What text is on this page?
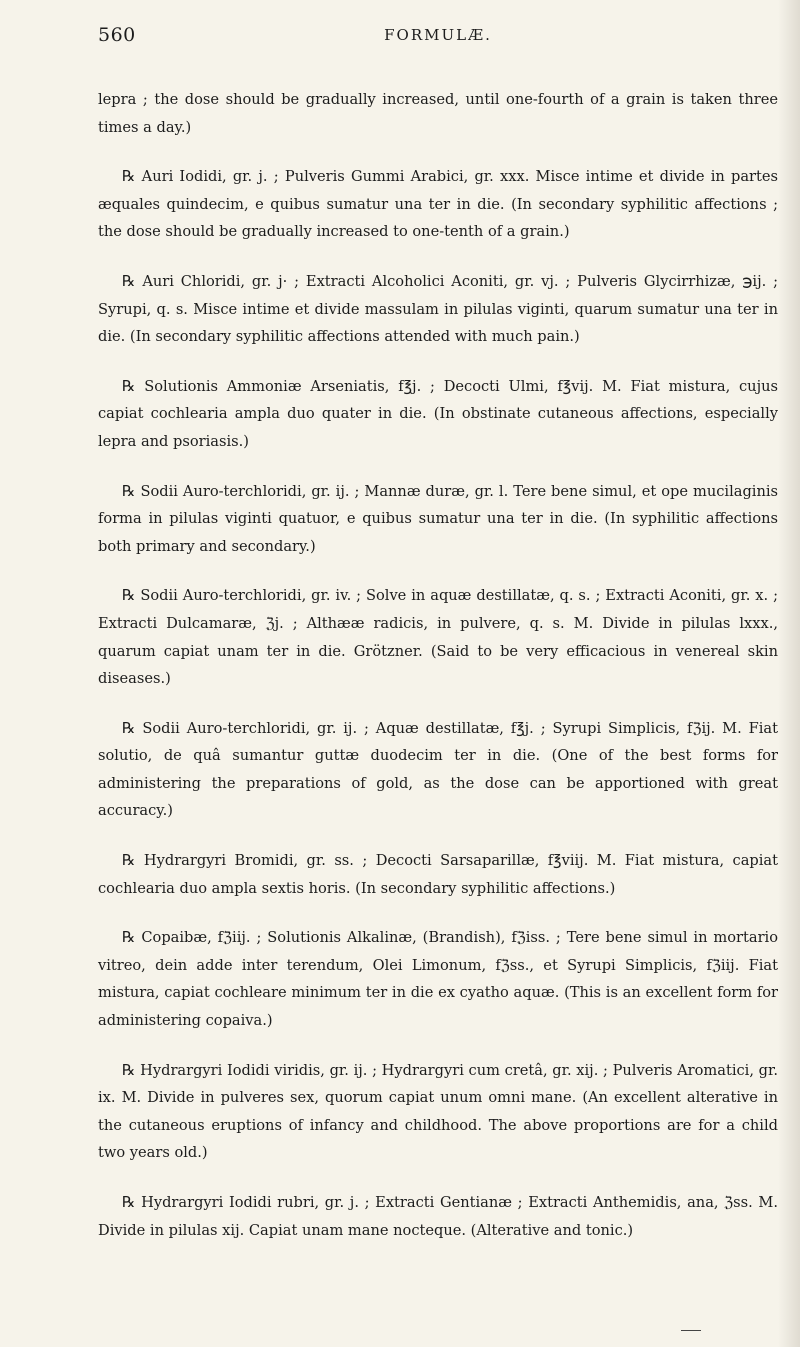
560	FORMULÆ.

lepra ; the dose should be gradually increased, until one-fourth of a grain is taken three times a day.)

℞ Auri Iodidi, gr. j. ; Pulveris Gummi Arabici, gr. xxx. Misce intime et divide in partes æquales quindecim, e quibus sumatur una ter in die. (In secondary syphilitic affections ; the dose should be gradually increased to one-tenth of a grain.)

℞ Auri Chloridi, gr. j· ; Extracti Alcoholici Aconiti, gr. vj. ; Pulveris Glycirrhizæ, ℈ij. ; Syrupi, q. s. Misce intime et divide massulam in pilulas viginti, quarum sumatur una ter in die. (In secondary syphilitic affections attended with much pain.)

℞ Solutionis Ammoniæ Arseniatis, f℥j. ; Decocti Ulmi, f℥vij. M. Fiat mistura, cujus capiat cochlearia ampla duo quater in die. (In obstinate cutaneous affections, especially lepra and psoriasis.)

℞ Sodii Auro-terchloridi, gr. ij. ; Mannæ duræ, gr. l. Tere bene simul, et ope mucilaginis forma in pilulas viginti quatuor, e quibus sumatur una ter in die. (In syphilitic affections both primary and secondary.)

℞ Sodii Auro-terchloridi, gr. iv. ; Solve in aquæ destillatæ, q. s. ; Extracti Aconiti, gr. x. ; Extracti Dulcamaræ, ℨj. ; Althææ radicis, in pulvere, q. s. M. Divide in pilulas lxxx., quarum capiat unam ter in die. Grötzner. (Said to be very efficacious in venereal skin diseases.)

℞ Sodii Auro-terchloridi, gr. ij. ; Aquæ destillatæ, f℥j. ; Syrupi Simplicis, fℨij. M. Fiat solutio, de quâ sumantur guttæ duodecim ter in die. (One of the best forms for administering the preparations of gold, as the dose can be apportioned with great accuracy.)

℞ Hydrargyri Bromidi, gr. ss. ; Decocti Sarsaparillæ, f℥viij. M. Fiat mistura, capiat cochlearia duo ampla sextis horis. (In secondary syphilitic affections.)

℞ Copaibæ, fℨiij. ; Solutionis Alkalinæ, (Brandish), fℨiss. ; Tere bene simul in mortario vitreo, dein adde inter terendum, Olei Limonum, fℨss., et Syrupi Simplicis, fℨiij. Fiat mistura, capiat cochleare minimum ter in die ex cyatho aquæ. (This is an excellent form for administering copaiva.)

℞ Hydrargyri Iodidi viridis, gr. ij. ; Hydrargyri cum cretâ, gr. xij. ; Pulveris Aromatici, gr. ix. M. Divide in pulveres sex, quorum capiat unum omni mane. (An excellent alterative in the cutaneous eruptions of infancy and childhood. The above proportions are for a child two years old.)

℞ Hydrargyri Iodidi rubri, gr. j. ; Extracti Gentianæ ; Extracti Anthemidis, ana, ℨss. M. Divide in pilulas xij. Capiat unam mane nocteque. (Alterative and tonic.)
